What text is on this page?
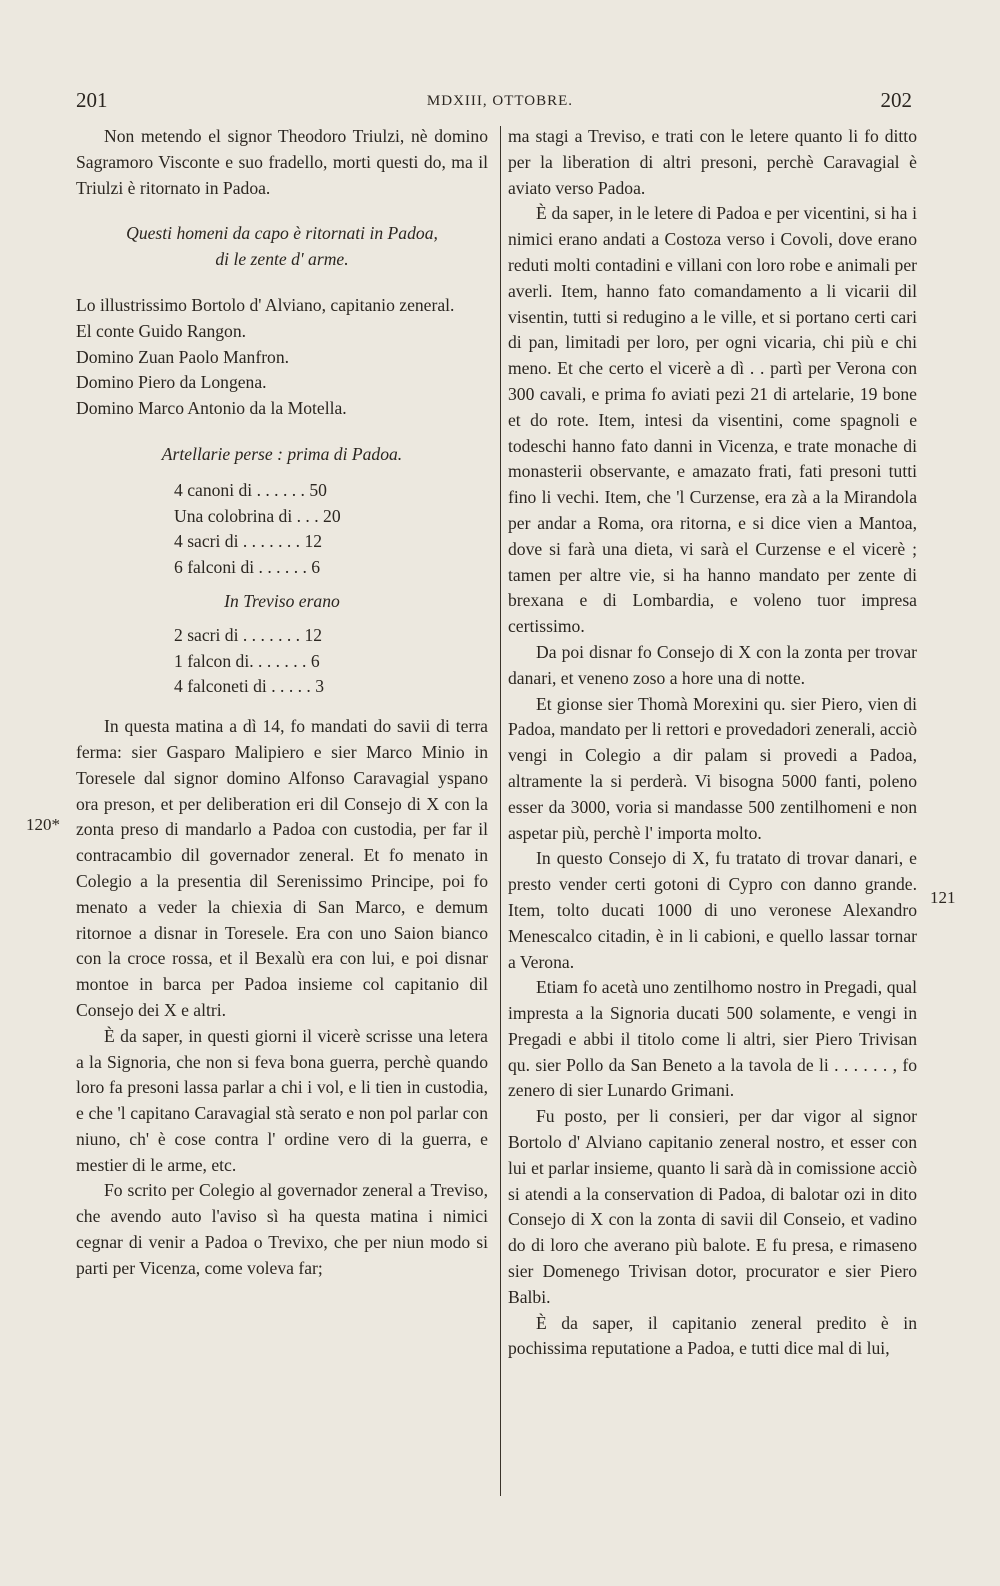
201	MDXIII, OTTOBRE.	202
120*
121

Non metendo el signor Theodoro Triulzi, nè domino Sagramoro Visconte e suo fradello, morti questi do, ma il Triulzi è ritornato in Padoa.

Questi homeni da capo è ritornati in Padoa,

di le zente d' arme.

Lo illustrissimo Bortolo d' Alviano, capitanio zeneral.

El conte Guido Rangon.

Domino Zuan Paolo Manfron.

Domino Piero da Longena.

Domino Marco Antonio da la Motella.

Artellarie perse : prima di Padoa.

4 canoni di . . . . . . 50

Una colobrina di . . . 20

4 sacri di . . . . . . . 12

6 falconi di . . . . . . 6

In Treviso erano

2 sacri di . . . . . . . 12

1 falcon di. . . . . . . 6

4 falconeti di . . . . . 3

In questa matina a dì 14, fo mandati do savii di terra ferma: sier Gasparo Malipiero e sier Marco Minio in Toresele dal signor domino Alfonso Caravagial yspano ora preson, et per deliberation eri dil Consejo di X con la zonta preso di mandarlo a Padoa con custodia, per far il contracambio dil governador zeneral. Et fo menato in Colegio a la presentia dil Serenissimo Principe, poi fo menato a veder la chiexia di San Marco, e demum ritornoe a disnar in Toresele. Era con uno Saion bianco con la croce rossa, et il Bexalù era con lui, e poi disnar montoe in barca per Padoa insieme col capitanio dil Consejo dei X e altri.

È da saper, in questi giorni il vicerè scrisse una letera a la Signoria, che non si feva bona guerra, perchè quando loro fa presoni lassa parlar a chi i vol, e li tien in custodia, e che 'l capitano Caravagial stà serato e non pol parlar con niuno, ch' è cose contra l' ordine vero di la guerra, e mestier di le arme, etc.

Fo scrito per Colegio al governador zeneral a Treviso, che avendo auto l'aviso sì ha questa matina i nimici cegnar di venir a Padoa o Trevixo, che per niun modo si parti per Vicenza, come voleva far;

ma stagi a Treviso, e trati con le letere quanto li fo ditto per la liberation di altri presoni, perchè Caravagial è aviato verso Padoa.

È da saper, in le letere di Padoa e per vicentini, si ha i nimici erano andati a Costoza verso i Covoli, dove erano reduti molti contadini e villani con loro robe e animali per averli. Item, hanno fato comandamento a li vicarii dil visentin, tutti si redugino a le ville, et si portano certi cari di pan, limitadi per loro, per ogni vicaria, chi più e chi meno. Et che certo el vicerè a dì . . partì per Verona con 300 cavali, e prima fo aviati pezi 21 di artelarie, 19 bone et do rote. Item, intesi da visentini, come spagnoli e todeschi hanno fato danni in Vicenza, e trate monache di monasterii observante, e amazato frati, fati presoni tutti fino li vechi. Item, che 'l Curzense, era zà a la Mirandola per andar a Roma, ora ritorna, e si dice vien a Mantoa, dove si farà una dieta, vi sarà el Curzense e el vicerè ; tamen per altre vie, si ha hanno mandato per zente di brexana e di Lombardia, e voleno tuor impresa certissimo.

Da poi disnar fo Consejo di X con la zonta per trovar danari, et veneno zoso a hore una di notte.

Et gionse sier Thomà Morexini qu. sier Piero, vien di Padoa, mandato per li rettori e provedadori zenerali, acciò vengi in Colegio a dir palam si provedi a Padoa, altramente la si perderà. Vi bisogna 5000 fanti, poleno esser da 3000, voria si mandasse 500 zentilhomeni e non aspetar più, perchè l' importa molto.

In questo Consejo di X, fu tratato di trovar danari, e presto vender certi gotoni di Cypro con danno grande. Item, tolto ducati 1000 di uno veronese Alexandro Menescalco citadin, è in li cabioni, e quello lassar tornar a Verona.

Etiam fo acetà uno zentilhomo nostro in Pregadi, qual impresta a la Signoria ducati 500 solamente, e vengi in Pregadi e abbi il titolo come li altri, sier Piero Trivisan qu. sier Pollo da San Beneto a la tavola de li . . . . . . , fo zenero di sier Lunardo Grimani.

Fu posto, per li consieri, per dar vigor al signor Bortolo d' Alviano capitanio zeneral nostro, et esser con lui et parlar insieme, quanto li sarà dà in comissione acciò si atendi a la conservation di Padoa, di balotar ozi in dito Consejo di X con la zonta di savii dil Conseio, et vadino do di loro che averano più balote. E fu presa, e rimaseno sier Domenego Trivisan dotor, procurator e sier Piero Balbi.

È da saper, il capitanio zeneral predito è in pochissima reputatione a Padoa, e tutti dice mal di lui,
